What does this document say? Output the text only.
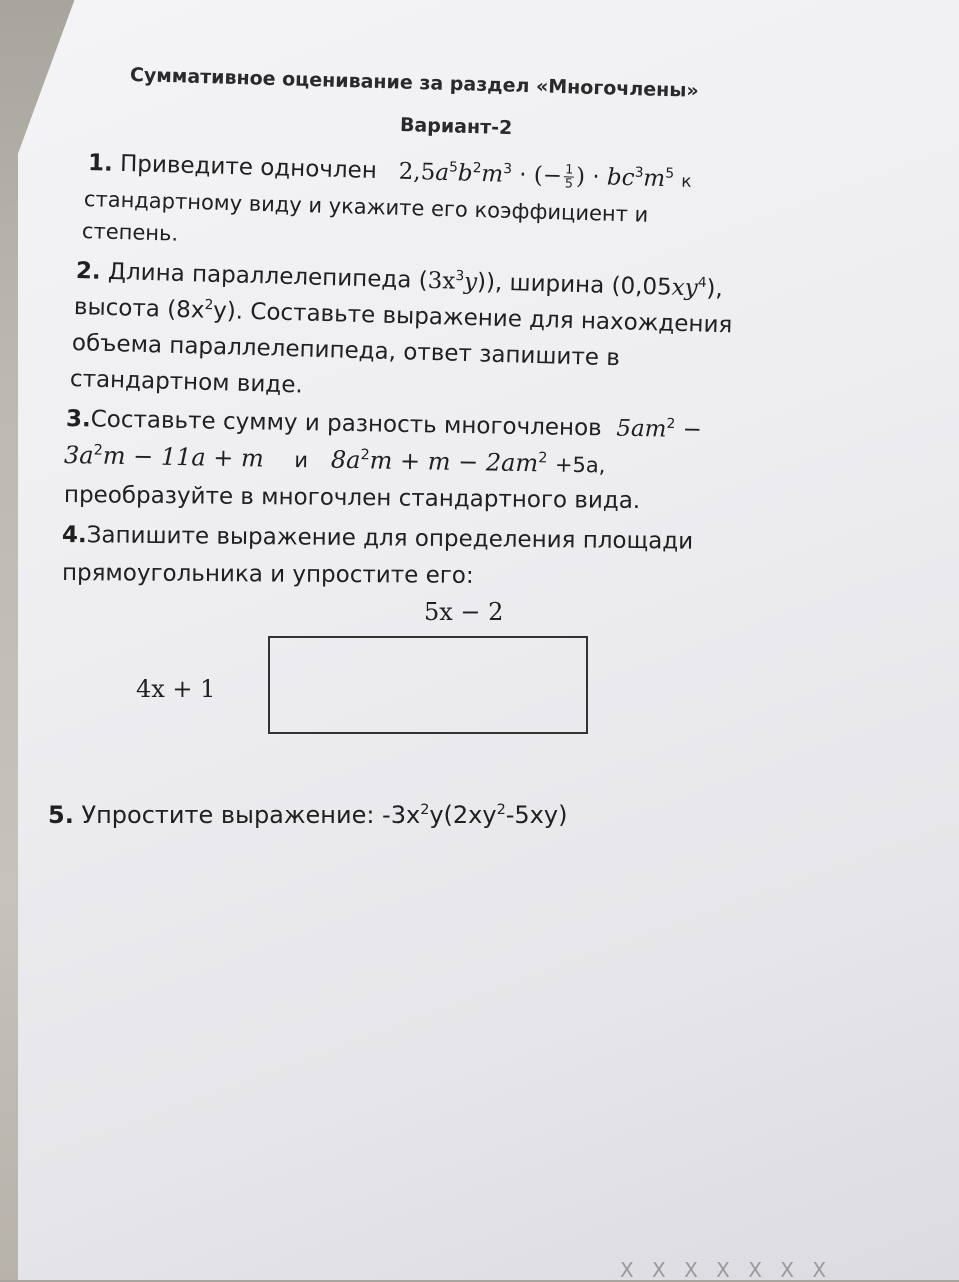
Суммативное оценивание за раздел «Многочлены»
Вариант-2
1. Приведите одночлен $2,5a^5b^2m^3$ · (− $\frac{1}{5}$ ) · $bc^3m^5$ к
стандартному виду и укажите его коэффициент и
степень.
2. Длина параллелепипеда $(3x^3y)$), ширина $(0,05xy^4)$,
высота $(8x^2y)$. Составьте выражение для нахождения
объема параллелепипеда, ответ запишите в
стандартном виде.
3.Составьте сумму и разность многочленов $5am^2$ −
$3a^2m - 11a + m$ и $8a^2m + m - 2am^2 +5a$,
преобразуйте в многочлен стандартного вида.
4.Запишите выражение для определения площади
прямоугольника и упростите его:
5x − 2
4x + 1
5. Упростите выражение: $-3x^2y(2xy^2-5xy)$
X X X X X X X
